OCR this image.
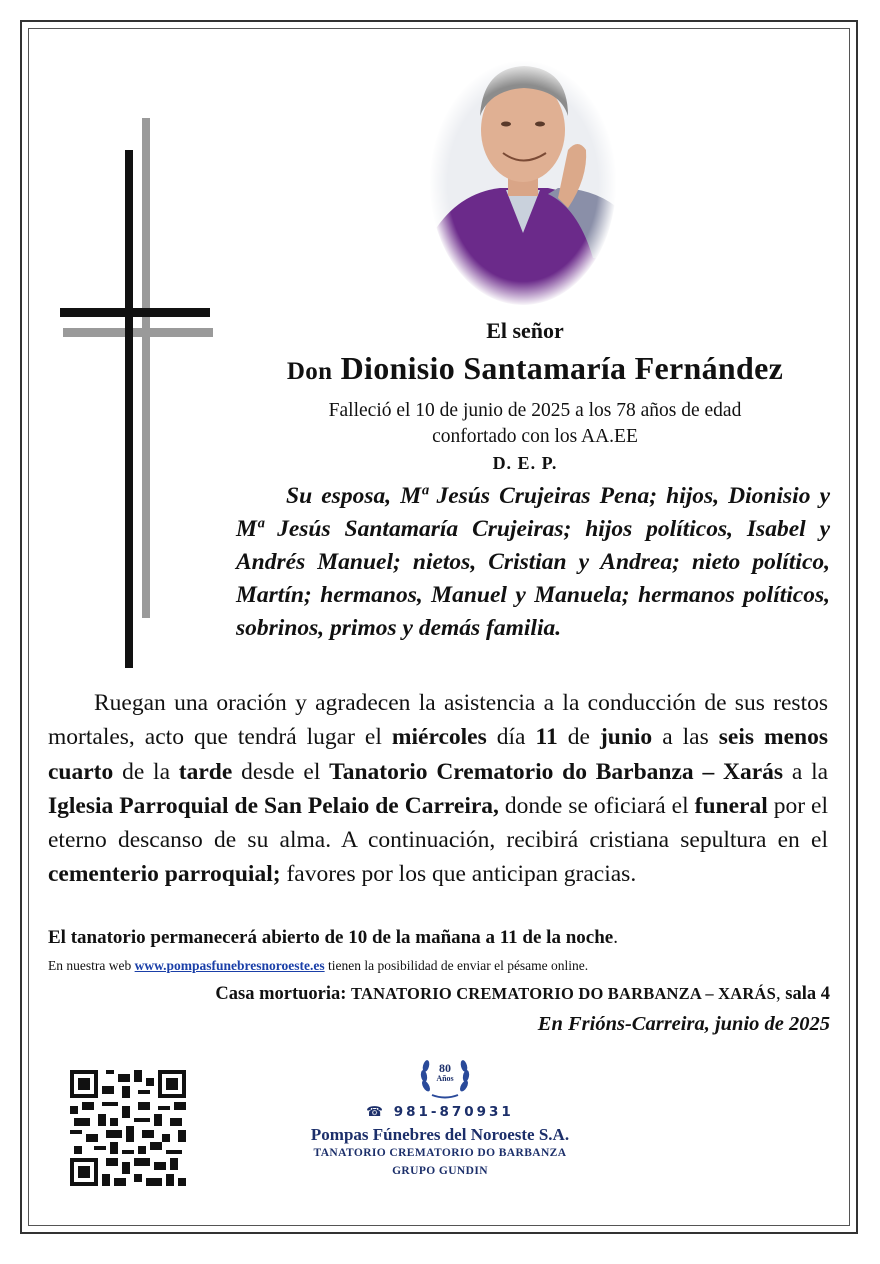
El señor
Don Dionisio Santamaría Fernández
Falleció el 10 de junio de 2025 a los 78 años de edad
confortado con los AA.EE
D. E. P.
Su esposa, Mª Jesús Crujeiras Pena; hijos, Dionisio y Mª Jesús Santamaría Crujeiras; hijos políticos, Isabel y Andrés Manuel; nietos, Cristian y Andrea; nieto político, Martín; hermanos, Manuel y Manuela; hermanos políticos, sobrinos, primos y demás familia.
Ruegan una oración y agradecen la asistencia a la conducción de sus restos mortales, acto que tendrá lugar el miércoles día 11 de junio a las seis menos cuarto de la tarde desde el Tanatorio Crematorio do Barbanza – Xarás a la Iglesia Parroquial de San Pelaio de Carreira, donde se oficiará el funeral por el eterno descanso de su alma. A continuación, recibirá cristiana sepultura en el cementerio parroquial; favores por los que anticipan gracias.
El tanatorio permanecerá abierto de 10 de la mañana a 11 de la noche.
En nuestra web www.pompasfunebresnoroeste.es tienen la posibilidad de enviar el pésame online.
Casa mortuoria: TANATORIO CREMATORIO DO BARBANZA – XARÁS, sala 4
En Frións-Carreira, junio de 2025
80
Años
☎ 981-870931
Pompas Fúnebres del Noroeste S.A.
TANATORIO CREMATORIO DO BARBANZA
GRUPO GUNDIN
